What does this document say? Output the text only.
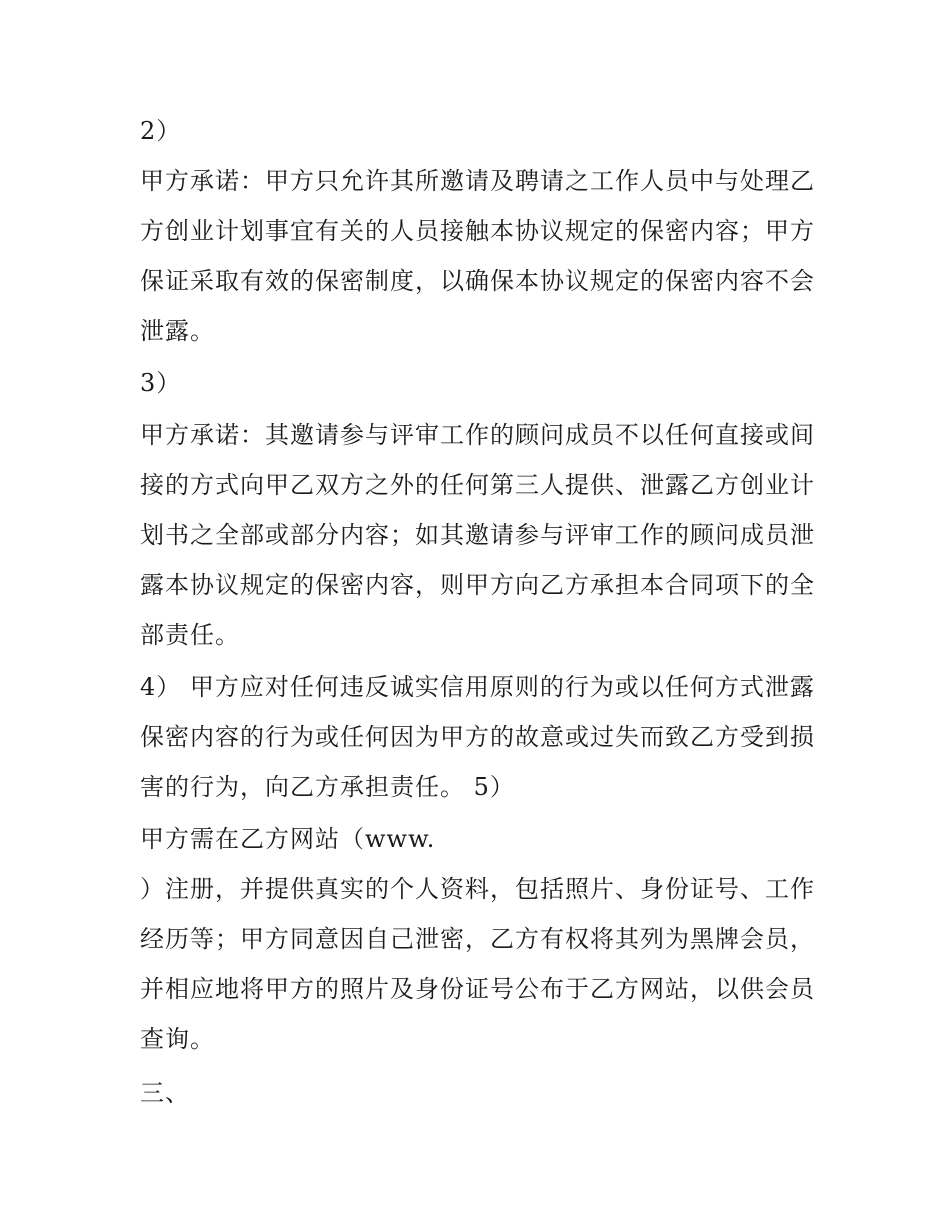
2）
甲方承诺：甲方只允许其所邀请及聘请之工作人员中与处理乙
方创业计划事宜有关的人员接触本协议规定的保密内容；甲方
保证采取有效的保密制度，以确保本协议规定的保密内容不会
泄露。
3）
甲方承诺：其邀请参与评审工作的顾问成员不以任何直接或间
接的方式向甲乙双方之外的任何第三人提供、泄露乙方创业计
划书之全部或部分内容；如其邀请参与评审工作的顾问成员泄
露本协议规定的保密内容，则甲方向乙方承担本合同项下的全
部责任。
4） 甲方应对任何违反诚实信用原则的行为或以任何方式泄露
保密内容的行为或任何因为甲方的故意或过失而致乙方受到损
害的行为，向乙方承担责任。 5）
甲方需在乙方网站（www.
）注册，并提供真实的个人资料，包括照片、身份证号、工作
经历等；甲方同意因自己泄密，乙方有权将其列为黑牌会员，
并相应地将甲方的照片及身份证号公布于乙方网站，以供会员
查询。
三、
